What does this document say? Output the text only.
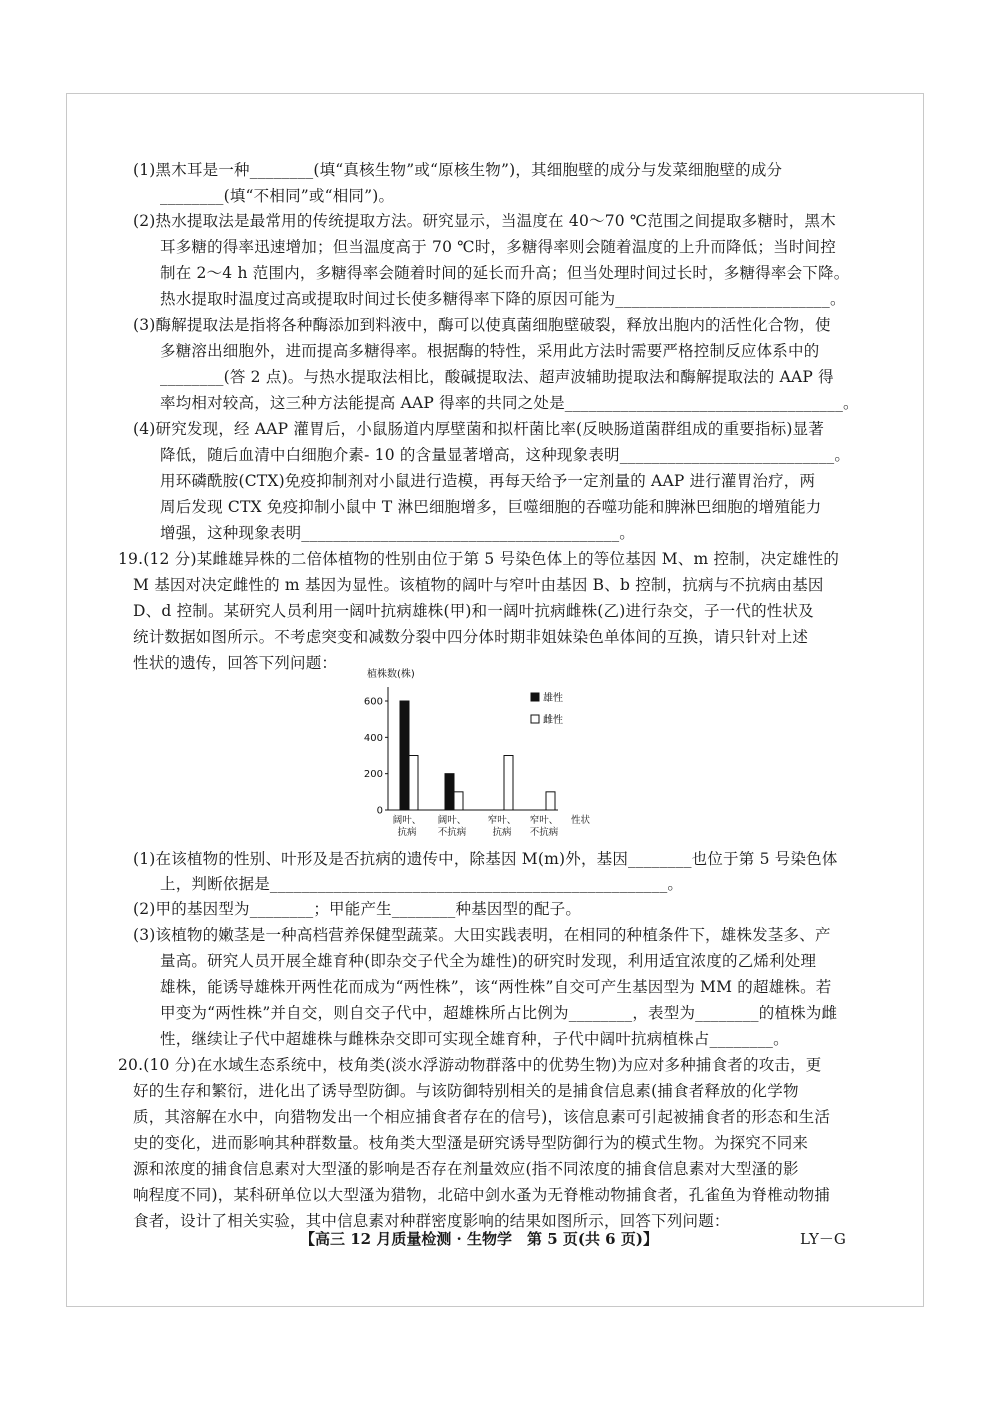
(1)黑木耳是一种________(填“真核生物”或“原核生物”)，其细胞壁的成分与发菜细胞壁的成分
________(填“不相同”或“相同”)。
(2)热水提取法是最常用的传统提取方法。研究显示，当温度在 40～70 ℃范围之间提取多糖时，黑木
耳多糖的得率迅速增加；但当温度高于 70 ℃时，多糖得率则会随着温度的上升而降低；当时间控
制在 2～4 h 范围内，多糖得率会随着时间的延长而升高；但当处理时间过长时，多糖得率会下降。
热水提取时温度过高或提取时间过长使多糖得率下降的原因可能为___________________________。
(3)酶解提取法是指将各种酶添加到料液中，酶可以使真菌细胞壁破裂，释放出胞内的活性化合物，使
多糖溶出细胞外，进而提高多糖得率。根据酶的特性，采用此方法时需要严格控制反应体系中的
________(答 2 点)。与热水提取法相比，酸碱提取法、超声波辅助提取法和酶解提取法的 AAP 得
率均相对较高，这三种方法能提高 AAP 得率的共同之处是___________________________________。
(4)研究发现，经 AAP 灌胃后，小鼠肠道内厚壁菌和拟杆菌比率(反映肠道菌群组成的重要指标)显著
降低，随后血清中白细胞介素- 10 的含量显著增高，这种现象表明___________________________。
用环磷酰胺(CTX)免疫抑制剂对小鼠进行造模，再每天给予一定剂量的 AAP 进行灌胃治疗，两
周后发现 CTX 免疫抑制小鼠中 T 淋巴细胞增多，巨噬细胞的吞噬功能和脾淋巴细胞的增殖能力
增强，这种现象表明________________________________________。
19.(12 分)某雌雄异株的二倍体植物的性别由位于第 5 号染色体上的等位基因 M、m 控制，决定雄性的
M 基因对决定雌性的 m 基因为显性。该植物的阔叶与窄叶由基因 B、b 控制，抗病与不抗病由基因
D、d 控制。某研究人员利用一阔叶抗病雄株(甲)和一阔叶抗病雌株(乙)进行杂交，子一代的性状及
统计数据如图所示。不考虑突变和减数分裂中四分体时期非姐妹染色单体间的互换，请只针对上述
性状的遗传，回答下列问题：
植株数(株)
0
200
400
600
阔叶、
抗病
阔叶、
不抗病
窄叶、
抗病
窄叶、
不抗病
性状
雄性
雌性
(1)在该植物的性别、叶形及是否抗病的遗传中，除基因 M(m)外，基因________也位于第 5 号染色体
上，判断依据是__________________________________________________。
(2)甲的基因型为________；甲能产生________种基因型的配子。
(3)该植物的嫩茎是一种高档营养保健型蔬菜。大田实践表明，在相同的种植条件下，雄株发茎多、产
量高。研究人员开展全雄育种(即杂交子代全为雄性)的研究时发现，利用适宜浓度的乙烯利处理
雄株，能诱导雄株开两性花而成为“两性株”，该“两性株”自交可产生基因型为 MM 的超雄株。若
甲变为“两性株”并自交，则自交子代中，超雄株所占比例为________，表型为________的植株为雌
性，继续让子代中超雄株与雌株杂交即可实现全雄育种，子代中阔叶抗病植株占________。
20.(10 分)在水域生态系统中，枝角类(淡水浮游动物群落中的优势生物)为应对多种捕食者的攻击，更
好的生存和繁衍，进化出了诱导型防御。与该防御特别相关的是捕食信息素(捕食者释放的化学物
质，其溶解在水中，向猎物发出一个相应捕食者存在的信号)，该信息素可引起被捕食者的形态和生活
史的变化，进而影响其种群数量。枝角类大型溞是研究诱导型防御行为的模式生物。为探究不同来
源和浓度的捕食信息素对大型溞的影响是否存在剂量效应(指不同浓度的捕食信息素对大型溞的影
响程度不同)，某科研单位以大型溞为猎物，北碚中剑水蚤为无脊椎动物捕食者，孔雀鱼为脊椎动物捕
食者，设计了相关实验，其中信息素对种群密度影响的结果如图所示，回答下列问题：
【高三 12 月质量检测 · 生物学　第 5 页(共 6 页)】	LY－G
